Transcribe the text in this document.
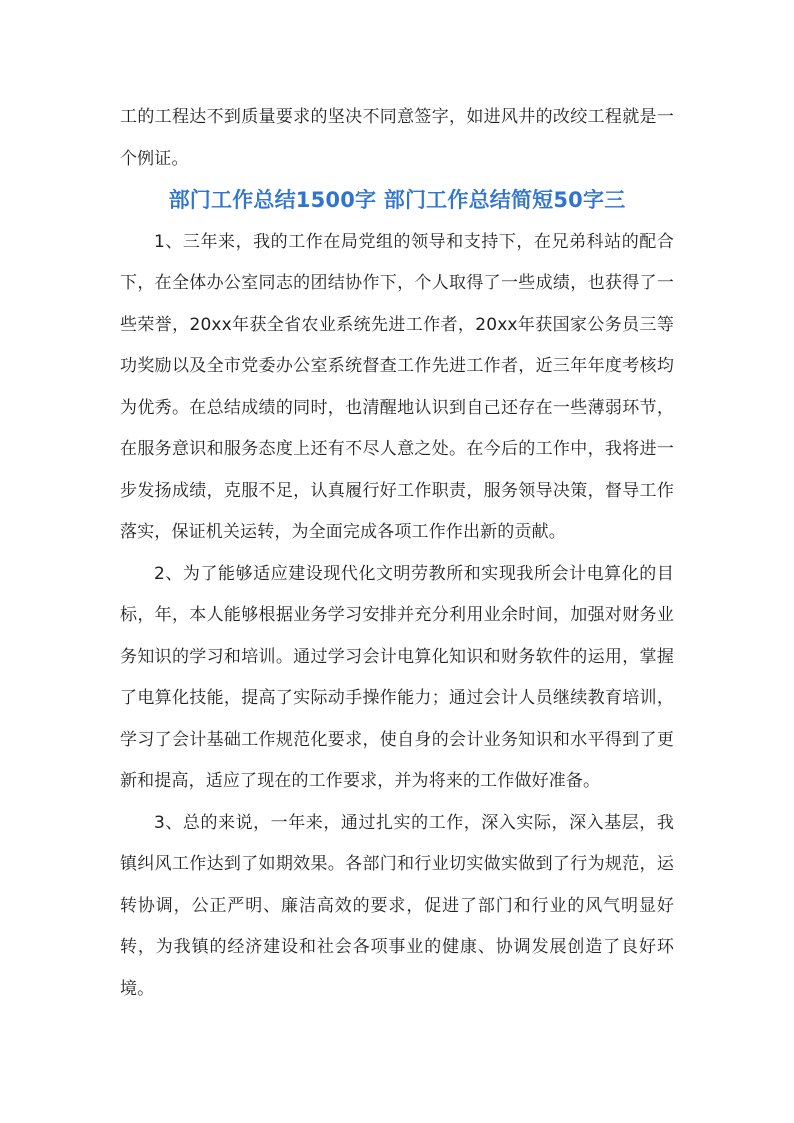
工的工程达不到质量要求的坚决不同意签字，如进风井的改绞工程就是一个例证。

部门工作总结1500字 部门工作总结简短50字三

1、三年来，我的工作在局党组的领导和支持下，在兄弟科站的配合下，在全体办公室同志的团结协作下，个人取得了一些成绩，也获得了一些荣誉，20xx年获全省农业系统先进工作者，20xx年获国家公务员三等功奖励以及全市党委办公室系统督查工作先进工作者，近三年年度考核均为优秀。在总结成绩的同时，也清醒地认识到自己还存在一些薄弱环节，在服务意识和服务态度上还有不尽人意之处。在今后的工作中，我将进一步发扬成绩，克服不足，认真履行好工作职责，服务领导决策，督导工作落实，保证机关运转，为全面完成各项工作作出新的贡献。

2、为了能够适应建设现代化文明劳教所和实现我所会计电算化的目标，年，本人能够根据业务学习安排并充分利用业余时间，加强对财务业务知识的学习和培训。通过学习会计电算化知识和财务软件的运用，掌握了电算化技能，提高了实际动手操作能力；通过会计人员继续教育培训，学习了会计基础工作规范化要求，使自身的会计业务知识和水平得到了更新和提高，适应了现在的工作要求，并为将来的工作做好准备。

3、总的来说，一年来，通过扎实的工作，深入实际，深入基层，我镇纠风工作达到了如期效果。各部门和行业切实做实做到了行为规范，运转协调，公正严明、廉洁高效的要求，促进了部门和行业的风气明显好转，为我镇的经济建设和社会各项事业的健康、协调发展创造了良好环境。
